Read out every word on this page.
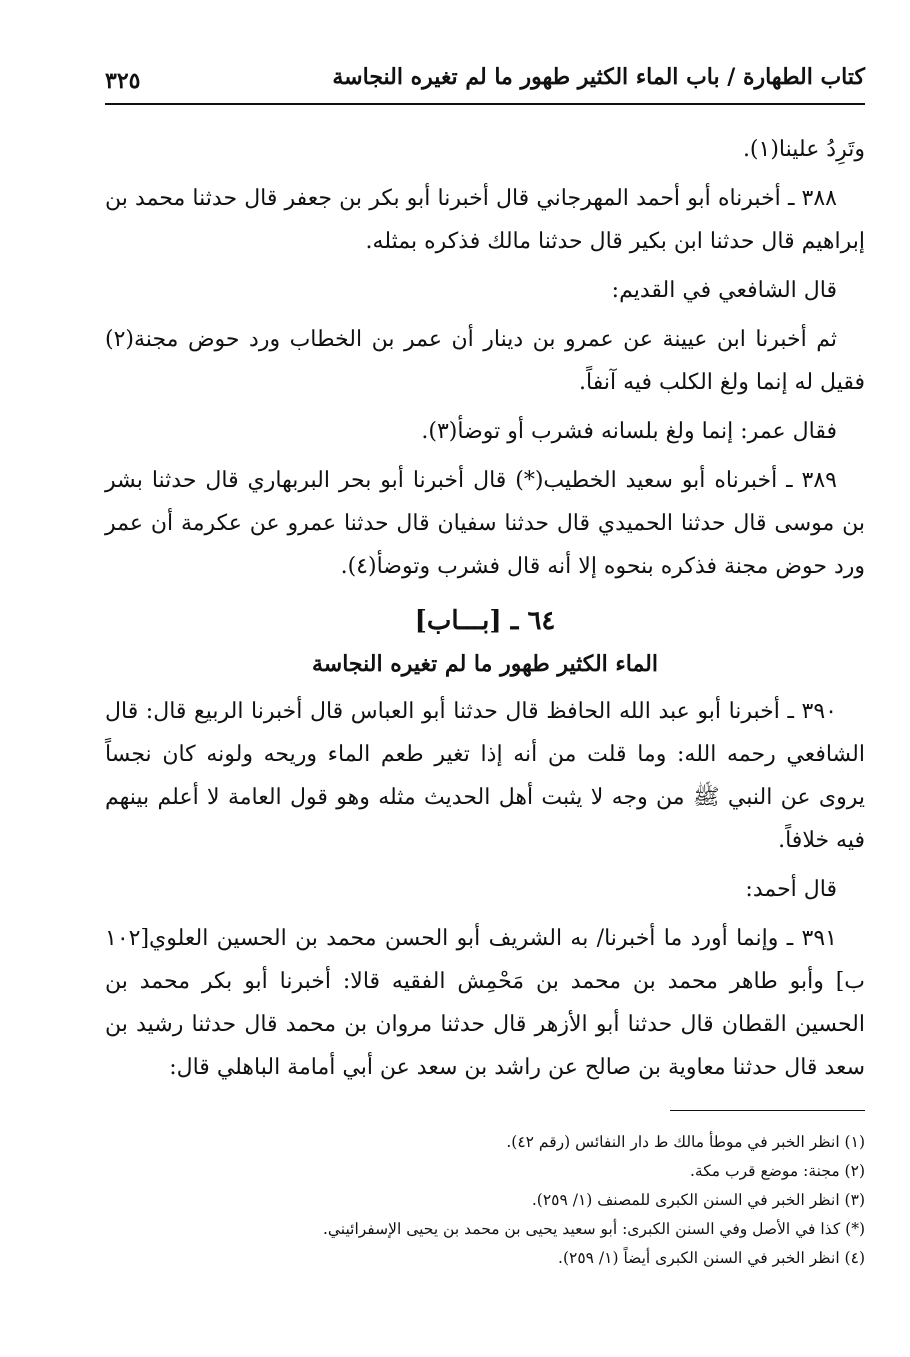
كتاب الطهارة / باب الماء الكثير طهور ما لم تغيره النجاسة
٣٢٥

وتَرِدُ علينا(١).

٣٨٨ ـ أخبرناه أبو أحمد المهرجاني قال أخبرنا أبو بكر بن جعفر قال حدثنا محمد بن إبراهيم قال حدثنا ابن بكير قال حدثنا مالك فذكره بمثله.

قال الشافعي في القديم:

ثم أخبرنا ابن عيينة عن عمرو بن دينار أن عمر بن الخطاب ورد حوض مجنة(٢) فقيل له إنما ولغ الكلب فيه آنفاً.

فقال عمر: إنما ولغ بلسانه فشرب أو توضأ(٣).

٣٨٩ ـ أخبرناه أبو سعيد الخطيب(*) قال أخبرنا أبو بحر البربهاري قال حدثنا بشر بن موسى قال حدثنا الحميدي قال حدثنا سفيان قال حدثنا عمرو عن عكرمة أن عمر ورد حوض مجنة فذكره بنحوه إلا أنه قال فشرب وتوضأ(٤).

٦٤ ـ [بـــاب]
الماء الكثير طهور ما لم تغيره النجاسة

٣٩٠ ـ أخبرنا أبو عبد الله الحافظ قال حدثنا أبو العباس قال أخبرنا الربيع قال: قال الشافعي رحمه الله: وما قلت من أنه إذا تغير طعم الماء وريحه ولونه كان نجساً يروى عن النبي ﷺ من وجه لا يثبت أهل الحديث مثله وهو قول العامة لا أعلم بينهم فيه خلافاً.

قال أحمد:

٣٩١ ـ وإنما أورد ما أخبرنا/ به الشريف أبو الحسن محمد بن الحسين العلوي[١٠٢ ب] وأبو طاهر محمد بن محمد بن مَحْمِش الفقيه قالا: أخبرنا أبو بكر محمد بن الحسين القطان قال حدثنا أبو الأزهر قال حدثنا مروان بن محمد قال حدثنا رشيد بن سعد قال حدثنا معاوية بن صالح عن راشد بن سعد عن أبي أمامة الباهلي قال:

(١) انظر الخبر في موطأ مالك ط دار النفائس (رقم ٤٢).
(٢) مجنة: موضع قرب مكة.
(٣) انظر الخبر في السنن الكبرى للمصنف (١/ ٢٥٩).
(*) كذا في الأصل وفي السنن الكبرى: أبو سعيد يحيى بن محمد بن يحيى الإسفرائيني.
(٤) انظر الخبر في السنن الكبرى أيضاً (١/ ٢٥٩).
